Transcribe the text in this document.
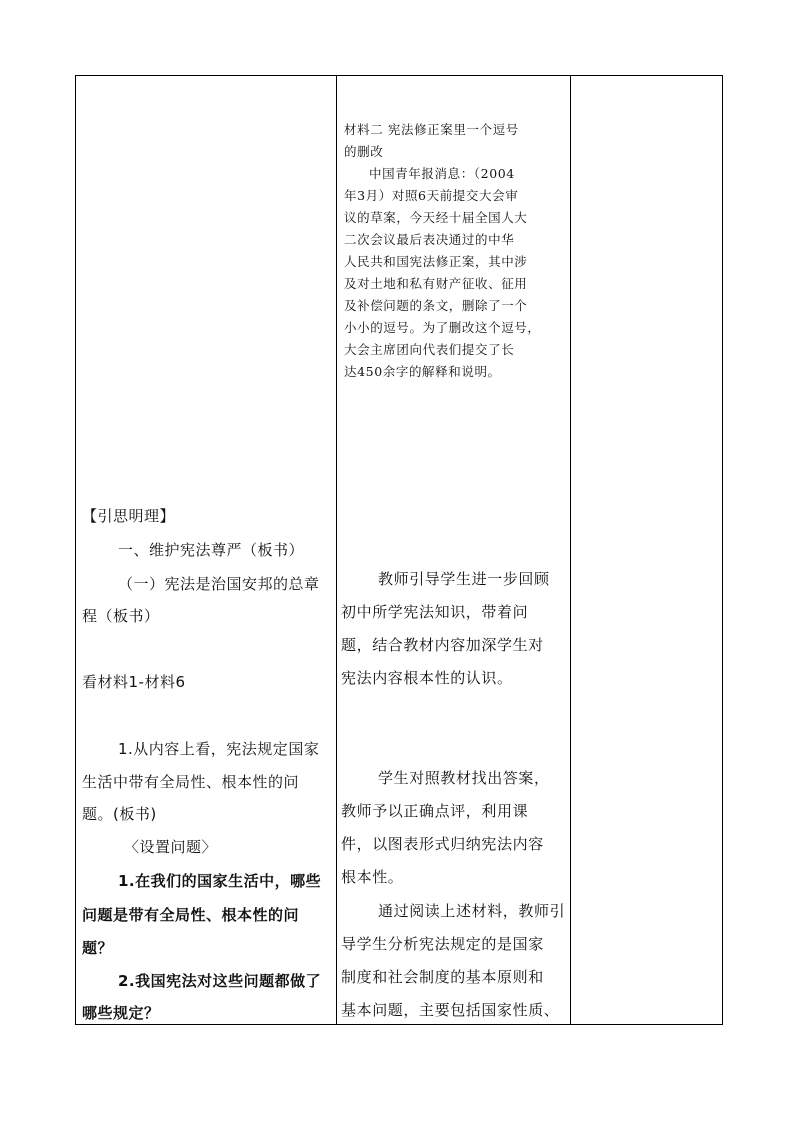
材料二 宪法修正案里一个逗号
的删改
中国青年报消息：（2004
年3月）对照6天前提交大会审
议的草案，今天经十届全国人大
二次会议最后表决通过的中华
人民共和国宪法修正案，其中涉
及对土地和私有财产征收、征用
及补偿问题的条文，删除了一个
小小的逗号。为了删改这个逗号，
大会主席团向代表们提交了长
达450余字的解释和说明。
【引思明理】
一、维护宪法尊严（板书）
（一）宪法是治国安邦的总章
程（板书）
看材料1-材料6
1.从内容上看，宪法规定国家
生活中带有全局性、根本性的问
题。(板书)
〈设置问题〉
1.在我们的国家生活中，哪些
问题是带有全局性、根本性的问
题？
2.我国宪法对这些问题都做了
哪些规定？
教师引导学生进一步回顾
初中所学宪法知识，带着问
题，结合教材内容加深学生对
宪法内容根本性的认识。
学生对照教材找出答案，
教师予以正确点评，利用课
件，以图表形式归纳宪法内容
根本性。
通过阅读上述材料，教师引
导学生分析宪法规定的是国家
制度和社会制度的基本原则和
基本问题，主要包括国家性质、
